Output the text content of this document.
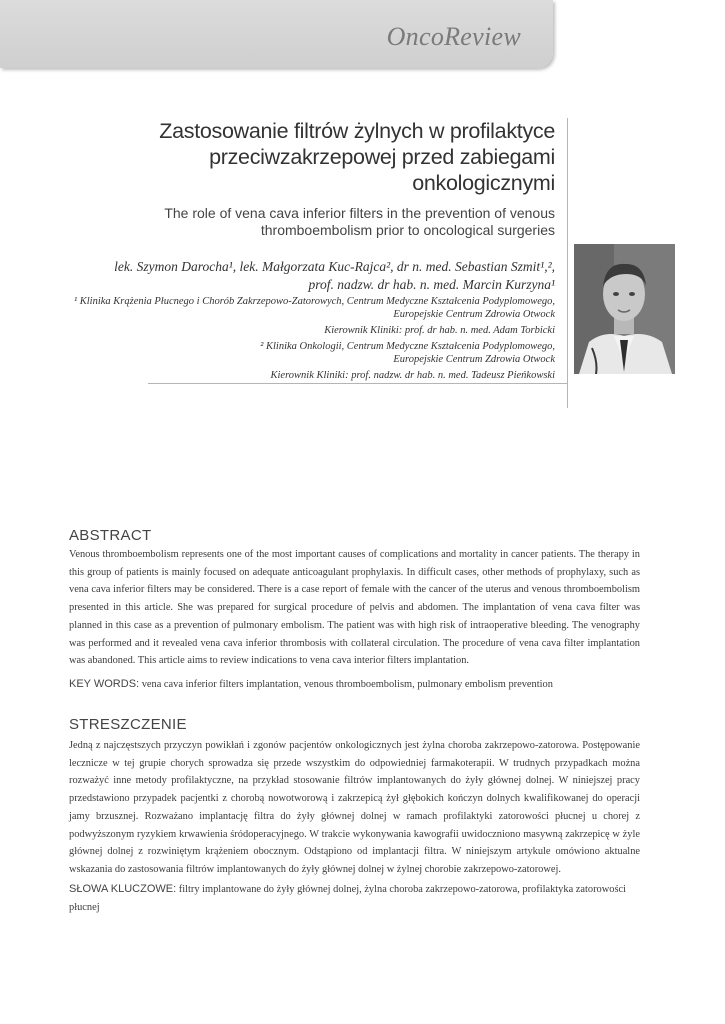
OncoReview
Zastosowanie filtrów żylnych w profilaktyce
przeciwzakrzepowej przed zabiegami
onkologicznymi
The role of vena cava inferior filters in the prevention of venous
thromboembolism prior to oncological surgeries
lek. Szymon Darocha¹, lek. Małgorzata Kuc-Rajca², dr n. med. Sebastian Szmit¹,²,
prof. nadzw. dr hab. n. med. Marcin Kurzyna¹
¹ Klinika Krążenia Płucnego i Chorób Zakrzepowo-Zatorowych, Centrum Medyczne Kształcenia Podyplomowego,
Europejskie Centrum Zdrowia Otwock
Kierownik Kliniki: prof. dr hab. n. med. Adam Torbicki
² Klinika Onkologii, Centrum Medyczne Kształcenia Podyplomowego,
Europejskie Centrum Zdrowia Otwock
Kierownik Kliniki: prof. nadzw. dr hab. n. med. Tadeusz Pieńkowski
ABSTRACT
Venous thromboembolism represents one of the most important causes of complications and mortality in cancer patients. The therapy in this group of patients is mainly focused on adequate anticoagulant prophylaxis. In difficult cases, other methods of prophylaxy, such as vena cava inferior filters may be considered. There is a case report of female with the cancer of the uterus and venous thromboembolism presented in this article. She was prepared for surgical procedure of pelvis and abdomen. The implantation of vena cava filter was planned in this case as a prevention of pulmonary embolism. The patient was with high risk of intraoperative bleeding. The venography was performed and it revealed vena cava inferior thrombosis with collateral circulation. The procedure of vena cava filter implantation was abandoned. This article aims to review indications to vena cava interior filters implantation.
KEY WORDS: vena cava inferior filters implantation, venous thromboembolism, pulmonary embolism prevention
STRESZCZENIE
Jedną z najczęstszych przyczyn powikłań i zgonów pacjentów onkologicznych jest żylna choroba zakrzepowo-zatorowa. Postępowanie lecznicze w tej grupie chorych sprowadza się przede wszystkim do odpowiedniej farmakoterapii. W trudnych przypadkach można rozważyć inne metody profilaktyczne, na przykład stosowanie filtrów implantowanych do żyły głównej dolnej. W niniejszej pracy przedstawiono przypadek pacjentki z chorobą nowotworową i zakrzepicą żył głębokich kończyn dolnych kwalifikowanej do operacji jamy brzusznej. Rozważano implantację filtra do żyły głównej dolnej w ramach profilaktyki zatorowości płucnej u chorej z podwyższonym ryzykiem krwawienia śródoperacyjnego. W trakcie wykonywania kawografii uwidoczniono masywną zakrzepicę w żyle głównej dolnej z rozwiniętym krążeniem obocznym. Odstąpiono od implantacji filtra. W niniejszym artykule omówiono aktualne wskazania do zastosowania filtrów implantowanych do żyły głównej dolnej w żylnej chorobie zakrzepowo-zatorowej.
SŁOWA KLUCZOWE: filtry implantowane do żyły głównej dolnej, żylna choroba zakrzepowo-zatorowa, profilaktyka zatorowości płucnej
